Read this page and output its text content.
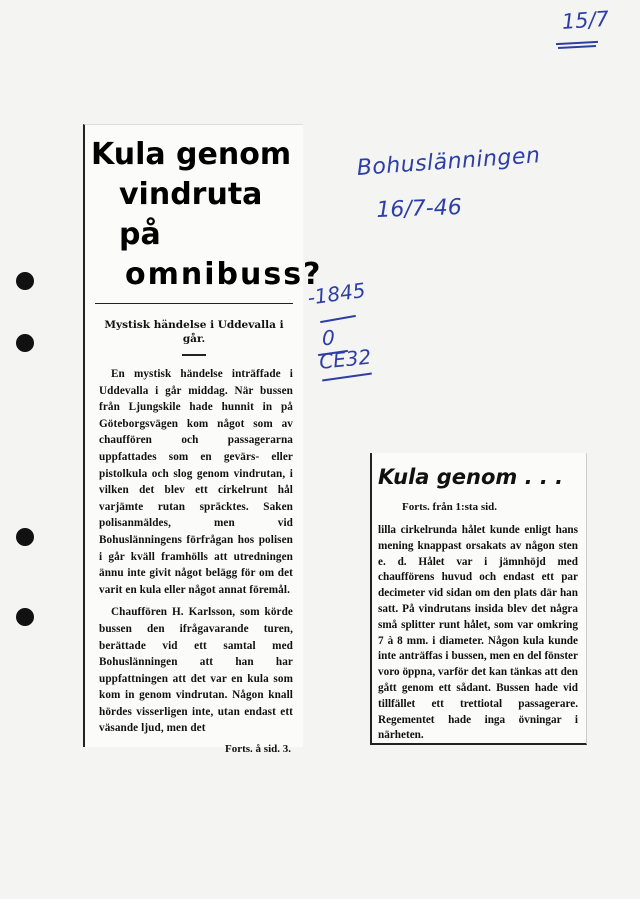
15/7
Bohuslänningen
16/7-46
-1845
0
CE32
Kula genom
vindruta på
omnibuss?
Mystisk händelse i Uddevalla i går.

En mystisk händelse inträffade i Uddevalla i går middag. När bussen från Ljungskile hade hunnit in på Göteborgsvägen kom något som av chauffören och passagerarna uppfattades som en gevärs- eller pistolkula och slog genom vindrutan, i vilken det blev ett cirkelrunt hål varjämte rutan sprācktes. Saken polisanmäldes, men vid Bohuslänningens förfrågan hos polisen i går kväll framhölls att utredningen ännu inte givit något belägg för om det varit en kula eller något annat föremål.

Chauffören H. Karlsson, som körde bussen den ifrågavarande turen, berättade vid ett samtal med Bohuslänningen att han har uppfattningen att det var en kula som kom in genom vindrutan. Någon knall hördes visserligen inte, utan endast ett väsande ljud, men det

Forts. å sid. 3.
Kula genom . . .
Forts. från 1:sta sid.
lilla cirkelrunda hålet kunde enligt hans mening knappast orsakats av någon sten e. d. Hålet var i jämnhöjd med chaufförens huvud och endast ett par decimeter vid sidan om den plats där han satt. På vindrutans insida blev det några små splitter runt hålet, som var omkring 7 à 8 mm. i diameter. Någon kula kunde inte anträffas i bussen, men en del fönster voro öppna, varför det kan tänkas att den gått genom ett sådant. Bussen hade vid tillfället ett trettiotal passagerare. Regementet hade inga övningar i närheten.
